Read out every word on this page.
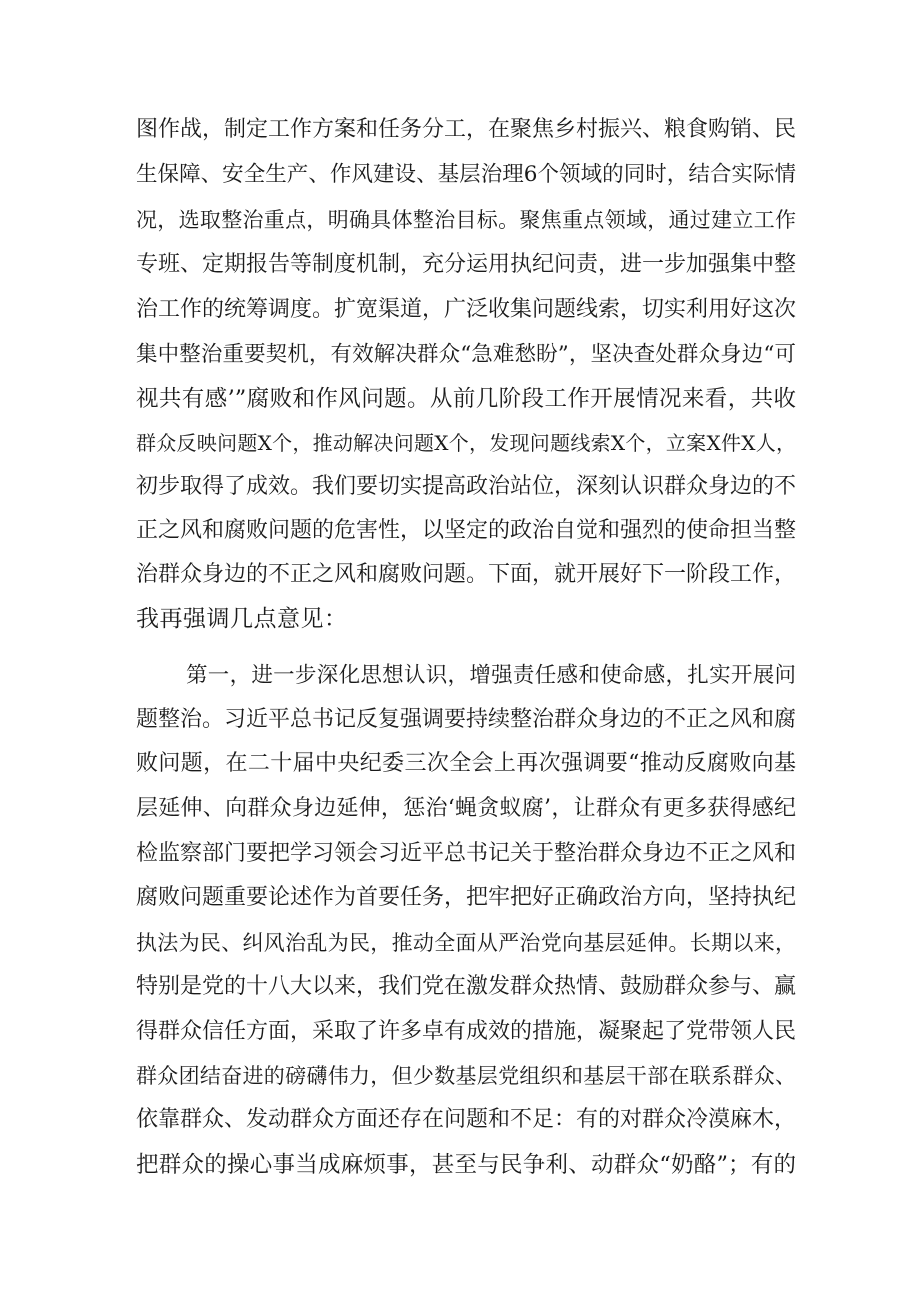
图作战，制定工作方案和任务分工，在聚焦乡村振兴、粮食购销、民
生保障、安全生产、作风建设、基层治理6个领域的同时，结合实际情
况，选取整治重点，明确具体整治目标。聚焦重点领域，通过建立工作
专班、定期报告等制度机制，充分运用执纪问责，进一步加强集中整
治工作的统筹调度。扩宽渠道，广泛收集问题线索，切实利用好这次
集中整治重要契机，有效解决群众“急难愁盼”，坚决查处群众身边“可
视共有感’”腐败和作风问题。从前几阶段工作开展情况来看，共收
群众反映问题X个，推动解决问题X个，发现问题线索X个，立案X件X人，
初步取得了成效。我们要切实提高政治站位，深刻认识群众身边的不
正之风和腐败问题的危害性，以坚定的政治自觉和强烈的使命担当整
治群众身边的不正之风和腐败问题。下面，就开展好下一阶段工作，
我再强调几点意见：
第一，进一步深化思想认识，增强责任感和使命感，扎实开展问
题整治。习近平总书记反复强调要持续整治群众身边的不正之风和腐
败问题，在二十届中央纪委三次全会上再次强调要“推动反腐败向基
层延伸、向群众身边延伸，惩治‘蝇贪蚁腐’，让群众有更多获得感纪
检监察部门要把学习领会习近平总书记关于整治群众身边不正之风和
腐败问题重要论述作为首要任务，把牢把好正确政治方向，坚持执纪
执法为民、纠风治乱为民，推动全面从严治党向基层延伸。长期以来，
特别是党的十八大以来，我们党在激发群众热情、鼓励群众参与、赢
得群众信任方面，采取了许多卓有成效的措施，凝聚起了党带领人民
群众团结奋进的磅礴伟力，但少数基层党组织和基层干部在联系群众、
依靠群众、发动群众方面还存在问题和不足：有的对群众冷漠麻木，
把群众的操心事当成麻烦事，甚至与民争利、动群众“奶酪”；有的
